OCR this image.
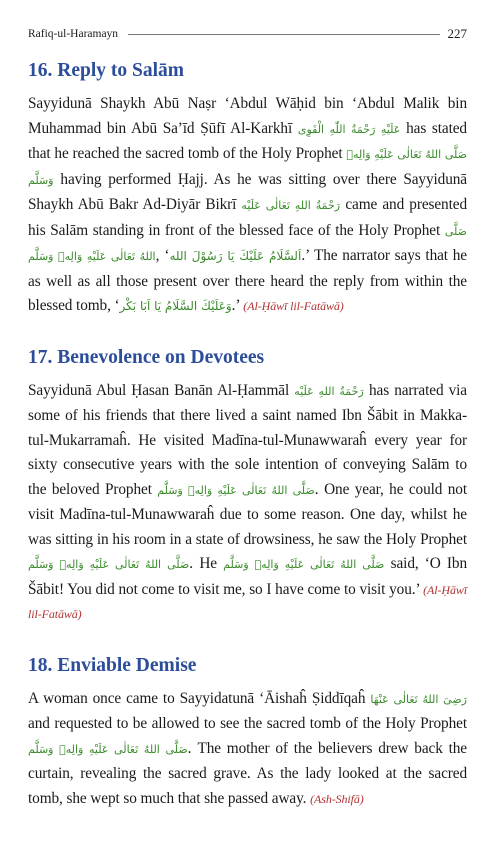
Rafiq-ul-Haramayn	227
16. Reply to Salām

Sayyidunā Shaykh Abū Naṣr ‘Abdul Wāḥid bin ‘Abdul Malik bin Muhammad bin Abū Sa’īd Ṣūfī Al-Karkhī عَلَيْهِ رَحْمَةُ اللّٰهِ الْقَوِی has stated that he reached the sacred tomb of the Holy Prophet صَلَّى اللهُ تَعَالٰى عَلَيْهِ وَالِهٖ وَسَلَّم having performed Ḥajj. As he was sitting over there Sayyidunā Shaykh Abū Bakr Ad-Diyār Bikrī رَحْمَةُ اللهِ تَعَالٰى عَلَيْه came and presented his Salām standing in front of the blessed face of the Holy Prophet صَلَّى اللهُ تَعَالٰى عَلَيْهِ وَالِهٖ وَسَلَّم, ‘اَلسَّلَامُ عَلَيْكَ يَا رَسُوْلَ الله.’ The narrator says that he as well as all those present over there heard the reply from within the blessed tomb, ‘وَعَلَيْكَ السَّلَامُ يَا اَبَا بَكْر.’ (Al-Ḥāwī lil-Fatāwā)

17. Benevolence on Devotees

Sayyidunā Abul Ḥasan Banān Al-Ḥammāl رَحْمَةُ اللهِ عَلَيْه has narrated via some of his friends that there lived a saint named Ibn Šābit in Makka-tul-Mukarramaĥ. He visited Madīna-tul-Munawwaraĥ every year for sixty consecutive years with the sole intention of conveying Salām to the beloved Prophet صَلَّى اللهُ تَعَالٰى عَلَيْهِ وَالِهٖ وَسَلَّم. One year, he could not visit Madīna-tul-Munawwaraĥ due to some reason. One day, whilst he was sitting in his room in a state of drowsiness, he saw the Holy Prophet صَلَّى اللهُ تَعَالٰى عَلَيْهِ وَالِهٖ وَسَلَّم. He صَلَّى اللهُ تَعَالٰى عَلَيْهِ وَالِهٖ وَسَلَّم said, ‘O Ibn Šābit! You did not come to visit me, so I have come to visit you.’ (Al-Ḥāwī lil-Fatāwā)

18. Enviable Demise

A woman once came to Sayyidatunā ‘Āishaĥ Ṣiddīqaĥ رَضِىَ اللهُ تَعَالٰى عَنْهَا and requested to be allowed to see the sacred tomb of the Holy Prophet صَلَّى اللهُ تَعَالٰى عَلَيْهِ وَالِهٖ وَسَلَّم. The mother of the believers drew back the curtain, revealing the sacred grave. As the lady looked at the sacred tomb, she wept so much that she passed away. (Ash-Shifā)
